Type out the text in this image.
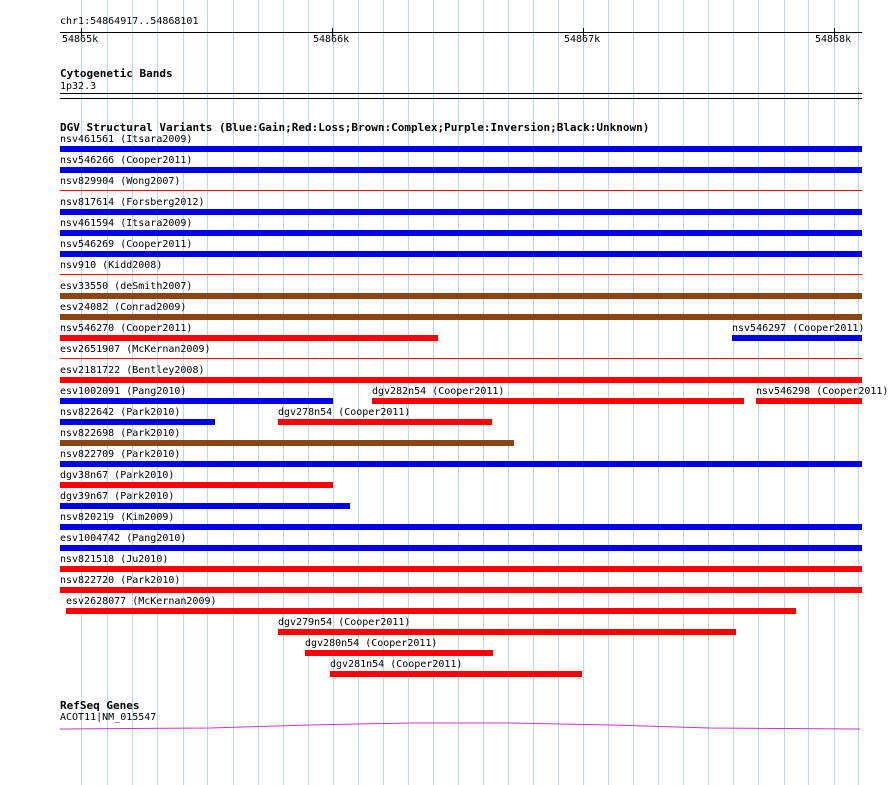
chr1:54864917..54868101
54865k	54866k	54867k	54868k
Cytogenetic Bands
1p32.3
DGV Structural Variants (Blue:Gain;Red:Loss;Brown:Complex;Purple:Inversion;Black:Unknown)
nsv461561 (Itsara2009)
nsv546266 (Cooper2011)
nsv829904 (Wong2007)
nsv817614 (Forsberg2012)
nsv461594 (Itsara2009)
nsv546269 (Cooper2011)
nsv910 (Kidd2008)
esv33550 (deSmith2007)
esv24082 (Conrad2009)
nsv546270 (Cooper2011)	nsv546297 (Cooper2011)
esv2651907 (McKernan2009)
esv2181722 (Bentley2008)
esv1002091 (Pang2010)	dgv282n54 (Cooper2011)	nsv546298 (Cooper2011)
nsv822642 (Park2010)	dgv278n54 (Cooper2011)
nsv822698 (Park2010)
nsv822709 (Park2010)
dgv38n67 (Park2010)
dgv39n67 (Park2010)
nsv820219 (Kim2009)
esv1004742 (Pang2010)
nsv821518 (Ju2010)
nsv822720 (Park2010)
esv2628077 (McKernan2009)
dgv279n54 (Cooper2011)
dgv280n54 (Cooper2011)
dgv281n54 (Cooper2011)
RefSeq Genes
ACOT11|NM_015547
